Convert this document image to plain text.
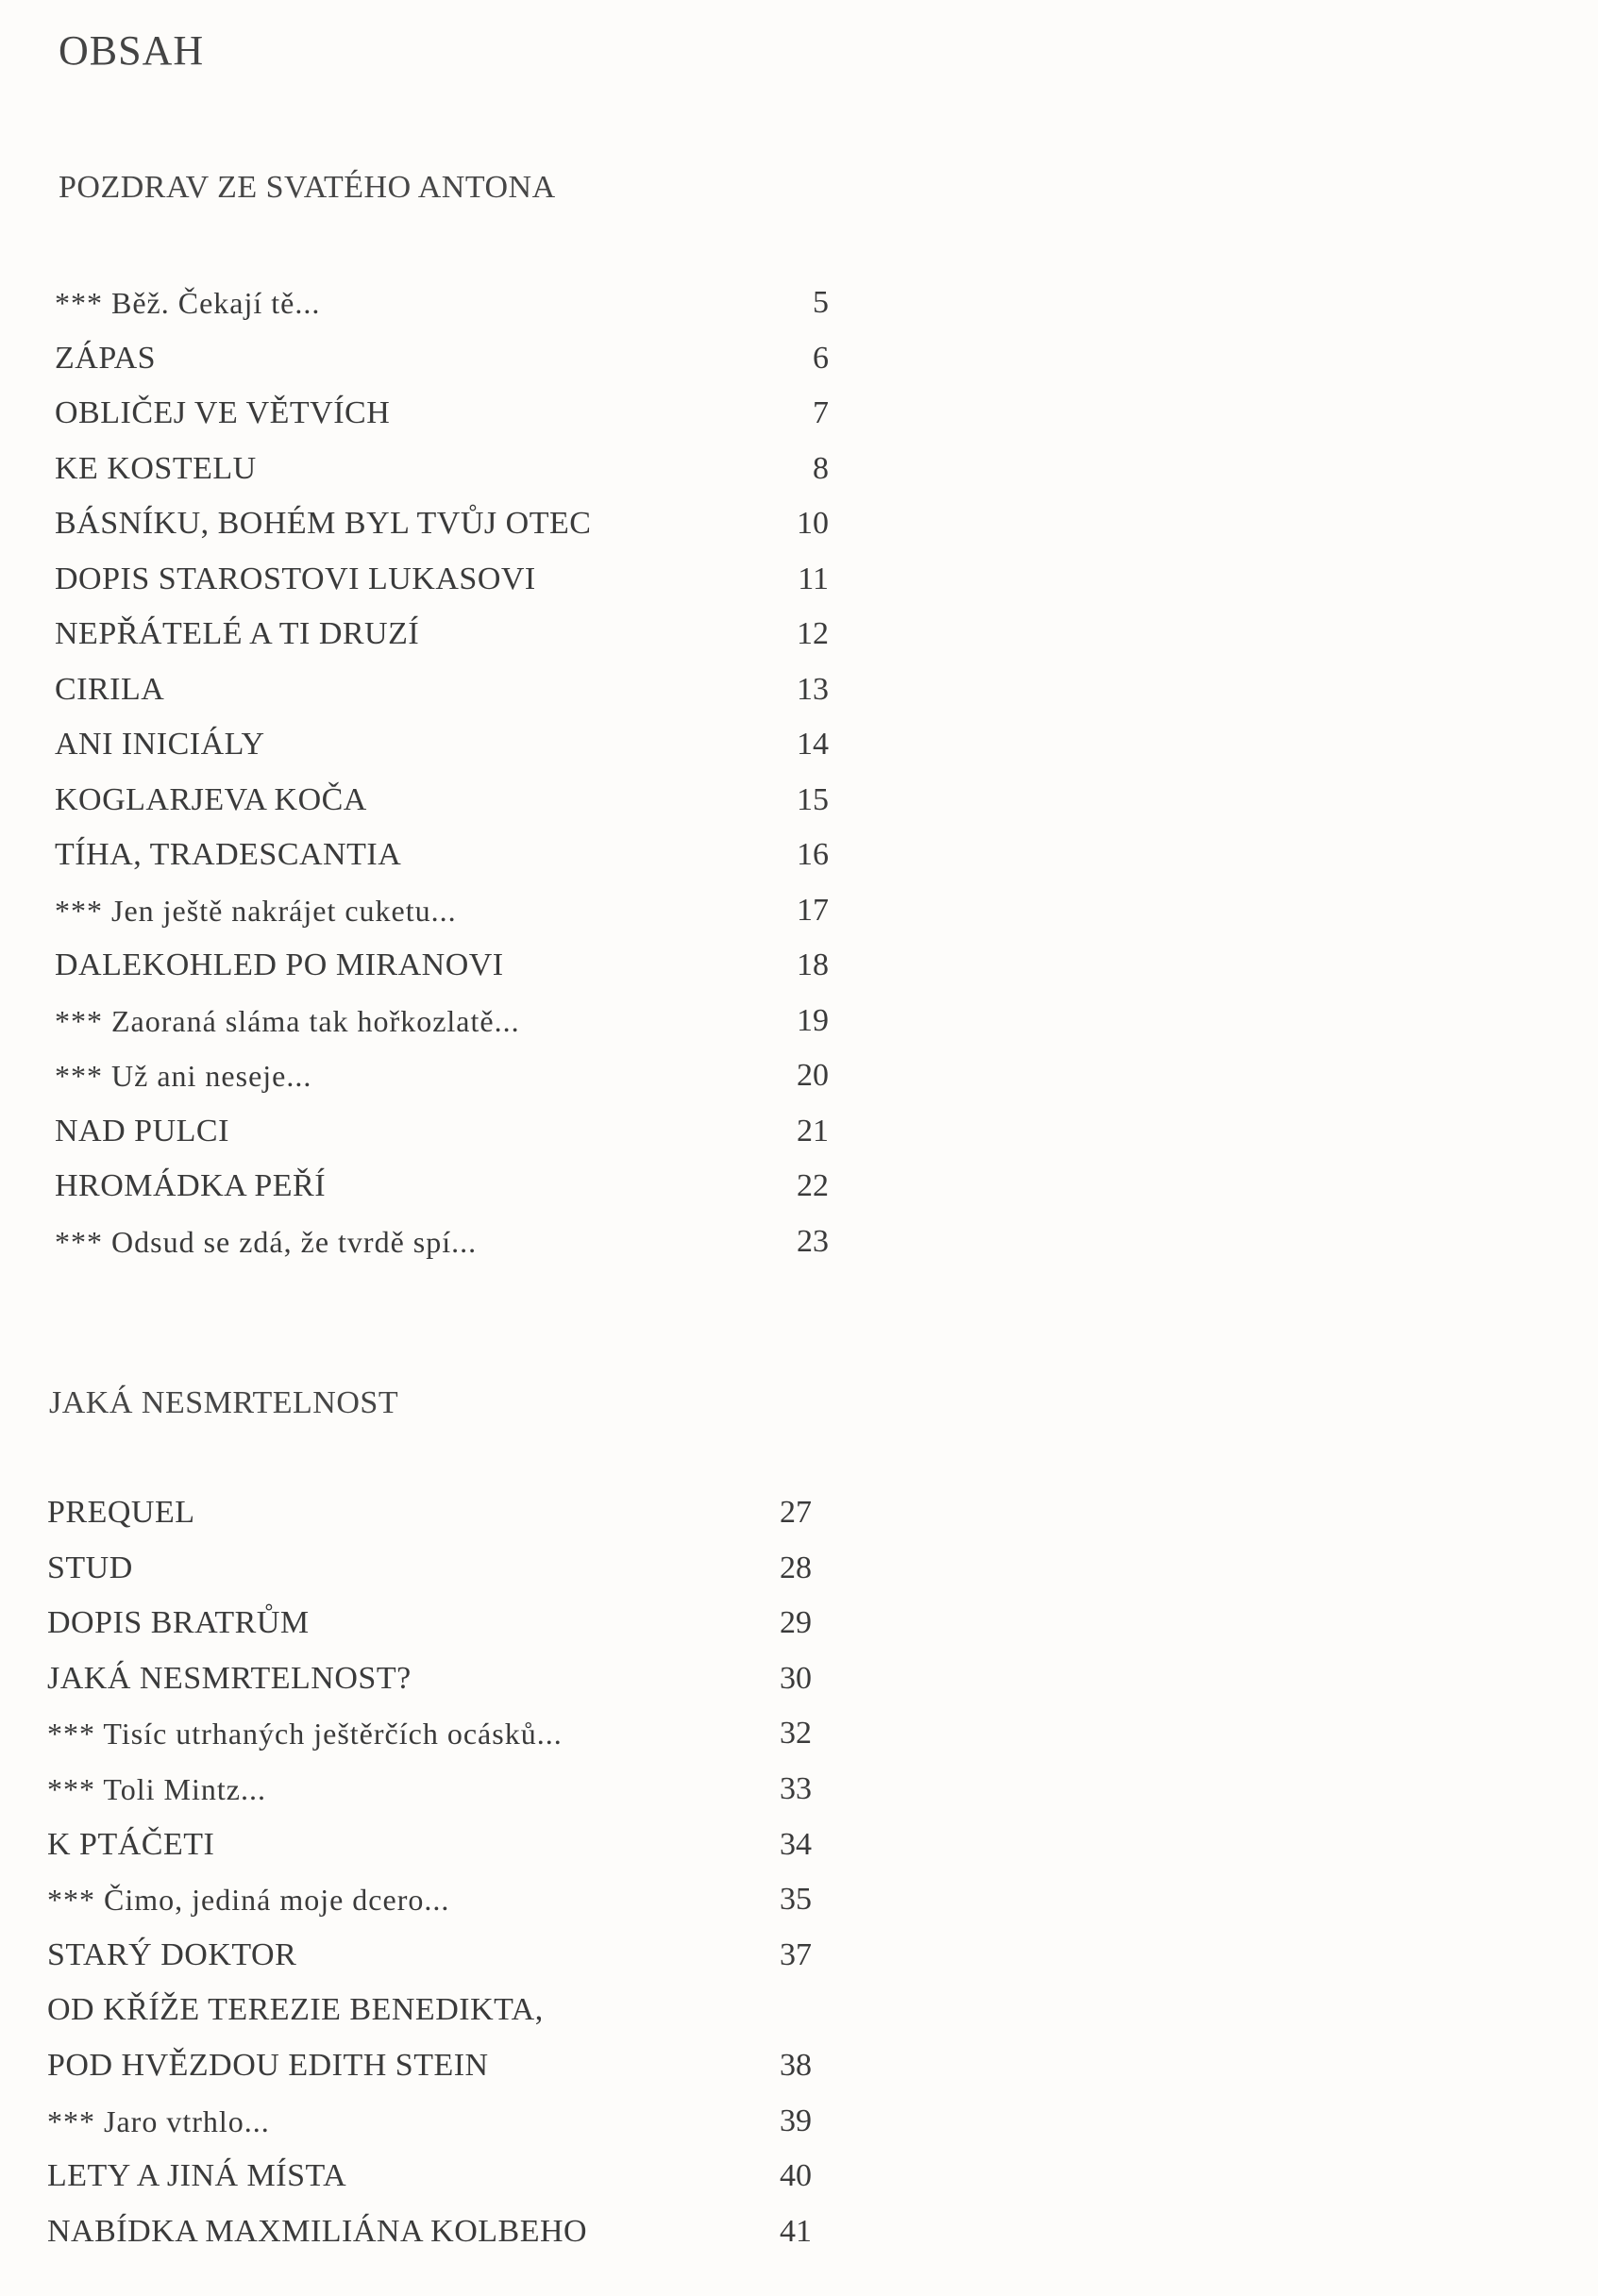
OBSAH
POZDRAV ZE SVATÉHO ANTONA
*** Běž. Čekají tě...	5
ZÁPAS	6
OBLIČEJ VE VĚTVÍCH	7
KE KOSTELU	8
BÁSNÍKU, BOHÉM BYL TVŮJ OTEC	10
DOPIS STAROSTOVI LUKASOVI	11
NEPŘÁTELÉ A TI DRUZÍ	12
CIRILA	13
ANI INICIÁLY	14
KOGLARJEVA KOČA	15
TÍHA, TRADESCANTIA	16
*** Jen ještě nakrájet cuketu...	17
DALEKOHLED PO MIRANOVI	18
*** Zaoraná sláma tak hořkozlatě...	19
*** Už ani neseje...	20
NAD PULCI	21
HROMÁDKA PEŘÍ	22
*** Odsud se zdá, že tvrdě spí...	23
JAKÁ NESMRTELNOST
PREQUEL	27
STUD	28
DOPIS BRATRŮM	29
JAKÁ NESMRTELNOST?	30
*** Tisíc utrhaných ještěrčích ocásků...	32
*** Toli Mintz...	33
K PTÁČETI	34
*** Čimo, jediná moje dcero...	35
STARÝ DOKTOR	37
OD KŘÍŽE TEREZIE BENEDIKTA,
POD HVĚZDOU EDITH STEIN	38
*** Jaro vtrhlo...	39
LETY A JINÁ MÍSTA	40
NABÍDKA MAXMILIÁNA KOLBEHO	41
